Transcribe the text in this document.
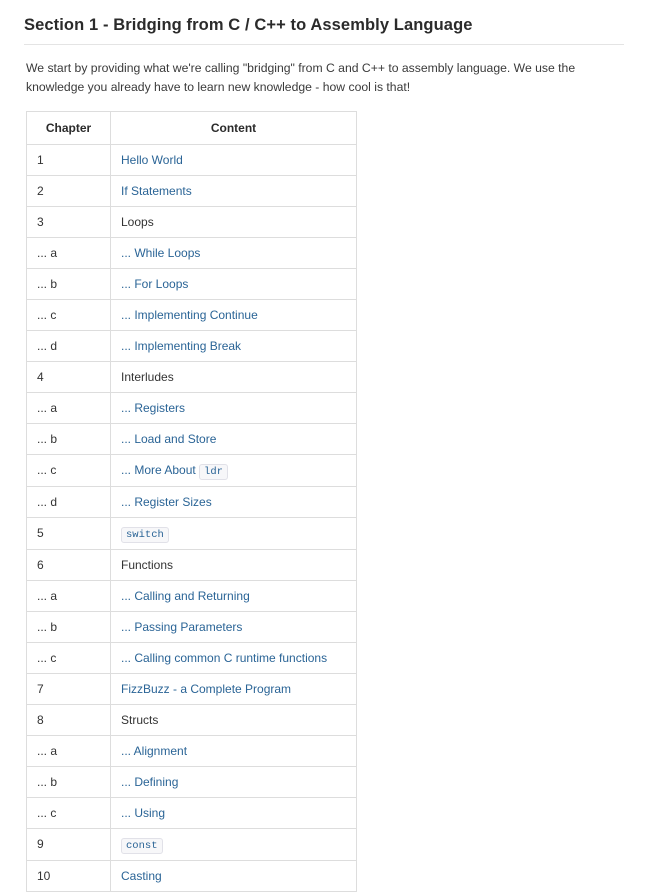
Section 1 - Bridging from C / C++ to Assembly Language

We start by providing what we're calling "bridging" from C and C++ to assembly language. We use the knowledge you already have to learn new knowledge - how cool is that!

Chapter	Content
1	Hello World
2	If Statements
3	Loops
... a	... While Loops
... b	... For Loops
... c	... Implementing Continue
... d	... Implementing Break
4	Interludes
... a	... Registers
... b	... Load and Store
... c	... More About ldr
... d	... Register Sizes
5	switch
6	Functions
... a	... Calling and Returning
... b	... Passing Parameters
... c	... Calling common C runtime functions
7	FizzBuzz - a Complete Program
8	Structs
... a	... Alignment
... b	... Defining
... c	... Using
9	const
10	Casting
